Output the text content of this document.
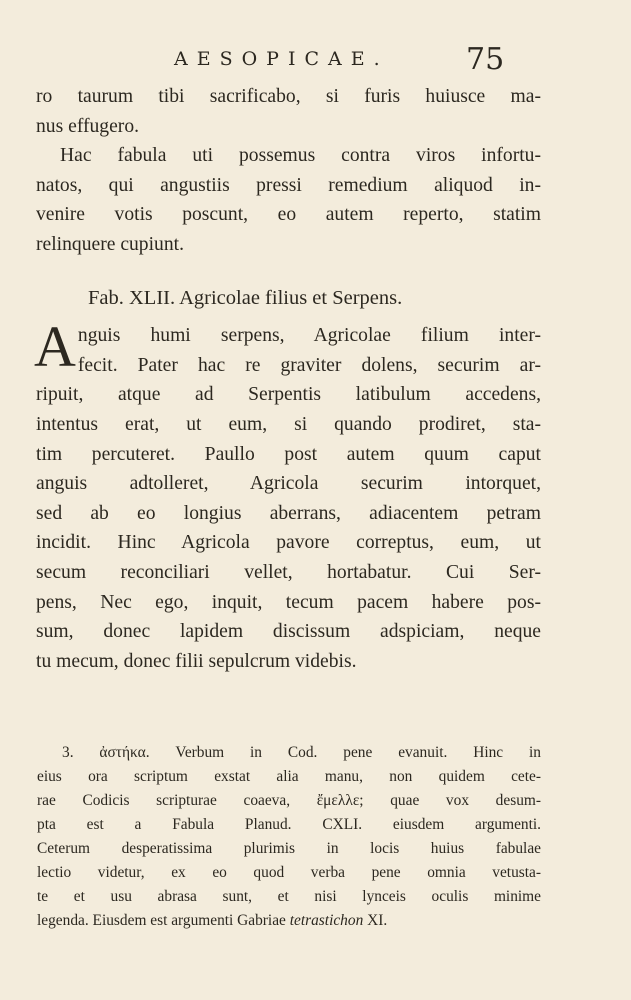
AESOPICAE.	75
ro taurum tibi sacrificabo, si furis huiusce ma-
nus effugero.
Hac fabula uti possemus contra viros infortu-
natos, qui angustiis pressi remedium aliquod in-
venire votis poscunt, eo autem reperto, statim
relinquere cupiunt.
Fab. XLII. Agricolae filius et Serpens.
A nguis humi serpens, Agricolae filium inter-
fecit. Pater hac re graviter dolens, securim ar-
ripuit, atque ad Serpentis latibulum accedens,
intentus erat, ut eum, si quando prodiret, sta-
tim percuteret. Paullo post autem quum caput
anguis adtolleret, Agricola securim intorquet,
sed ab eo longius aberrans, adiacentem petram
incidit. Hinc Agricola pavore correptus, eum, ut
secum reconciliari vellet, hortabatur. Cui Ser-
pens, Nec ego, inquit, tecum pacem habere pos-
sum, donec lapidem discissum adspiciam, neque
tu mecum, donec filii sepulcrum videbis.
3. ἀστήκα. Verbum in Cod. pene evanuit. Hinc in
eius ora scriptum exstat alia manu, non quidem cete-
rae Codicis scripturae coaeva, ἔμελλε; quae vox desum-
pta est a Fabula Planud. CXLI. eiusdem argumenti.
Ceterum desperatissima plurimis in locis huius fabulae
lectio videtur, ex eo quod verba pene omnia vetusta-
te et usu abrasa sunt, et nisi lynceis oculis minime
legenda. Eiusdem est argumenti Gabriae tetrastichon XI.
